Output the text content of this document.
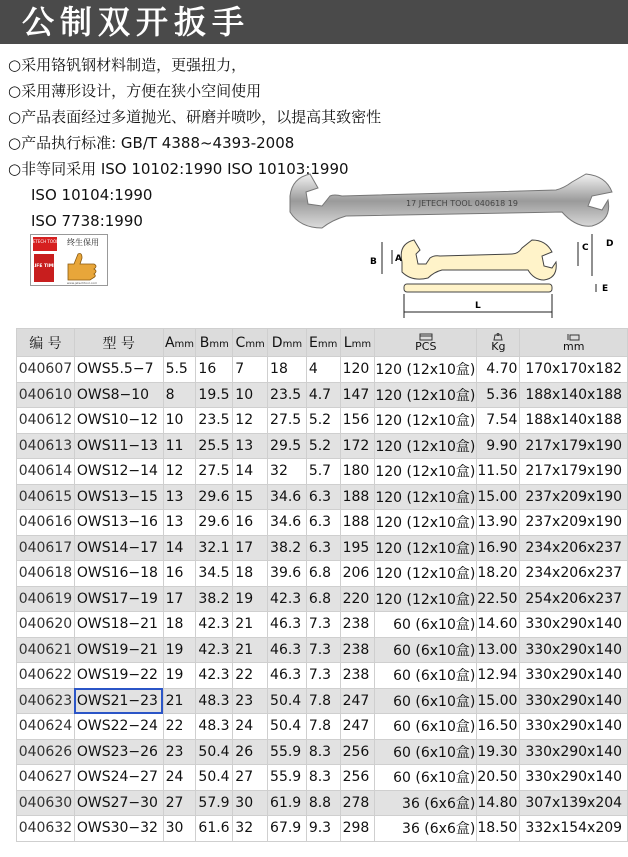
公制双开扳手
○采用铬钒钢材料制造，更强扭力，
○采用薄形设计，方便在狭小空间使用
○产品表面经过多道抛光、研磨并喷吵，以提高其致密性
○产品执行标准: GB/T 4388~4393-2008
○非等同采用 ISO 10102:1990 ISO 10103:1990
ISO 10104:1990
ISO 7738:1990
JETECH TOOL
LIFE TIME
终生保用
www.jetechtool.com
17 JETECH TOOL 040618 19
A
B
C D
E
L
编 号	型 号	Amm	Bmm	Cmm	Dmm	Emm	Lmm	PCS	Kg	mm

040607	OWS5.5−7	5.5	16	7	18	4	120	120 (12x10盒)	4.70	170x170x182
040610	OWS8−10	8	19.5	10	23.5	4.7	147	120 (12x10盒)	5.36	188x140x188
040612	OWS10−12	10	23.5	12	27.5	5.2	156	120 (12x10盒)	7.54	188x140x188
040613	OWS11−13	11	25.5	13	29.5	5.2	172	120 (12x10盒)	9.90	217x179x190
040614	OWS12−14	12	27.5	14	32	5.7	180	120 (12x10盒)	11.50	217x179x190
040615	OWS13−15	13	29.6	15	34.6	6.3	188	120 (12x10盒)	15.00	237x209x190
040616	OWS13−16	13	29.6	16	34.6	6.3	188	120 (12x10盒)	13.90	237x209x190
040617	OWS14−17	14	32.1	17	38.2	6.3	195	120 (12x10盒)	16.90	234x206x237
040618	OWS16−18	16	34.5	18	39.6	6.8	206	120 (12x10盒)	18.20	234x206x237
040619	OWS17−19	17	38.2	19	42.3	6.8	220	120 (12x10盒)	22.50	254x206x237
040620	OWS18−21	18	42.3	21	46.3	7.3	238	60 (6x10盒)	14.60	330x290x140
040621	OWS19−21	19	42.3	21	46.3	7.3	238	60 (6x10盒)	13.00	330x290x140
040622	OWS19−22	19	42.3	22	46.3	7.3	238	60 (6x10盒)	12.94	330x290x140
040623	OWS21−23	21	48.3	23	50.4	7.8	247	60 (6x10盒)	15.00	330x290x140
040624	OWS22−24	22	48.3	24	50.4	7.8	247	60 (6x10盒)	16.50	330x290x140
040626	OWS23−26	23	50.4	26	55.9	8.3	256	60 (6x10盒)	19.30	330x290x140
040627	OWS24−27	24	50.4	27	55.9	8.3	256	60 (6x10盒)	20.50	330x290x140
040630	OWS27−30	27	57.9	30	61.9	8.8	278	36 (6x6盒)	14.80	307x139x204
040632	OWS30−32	30	61.6	32	67.9	9.3	298	36 (6x6盒)	18.50	332x154x209
